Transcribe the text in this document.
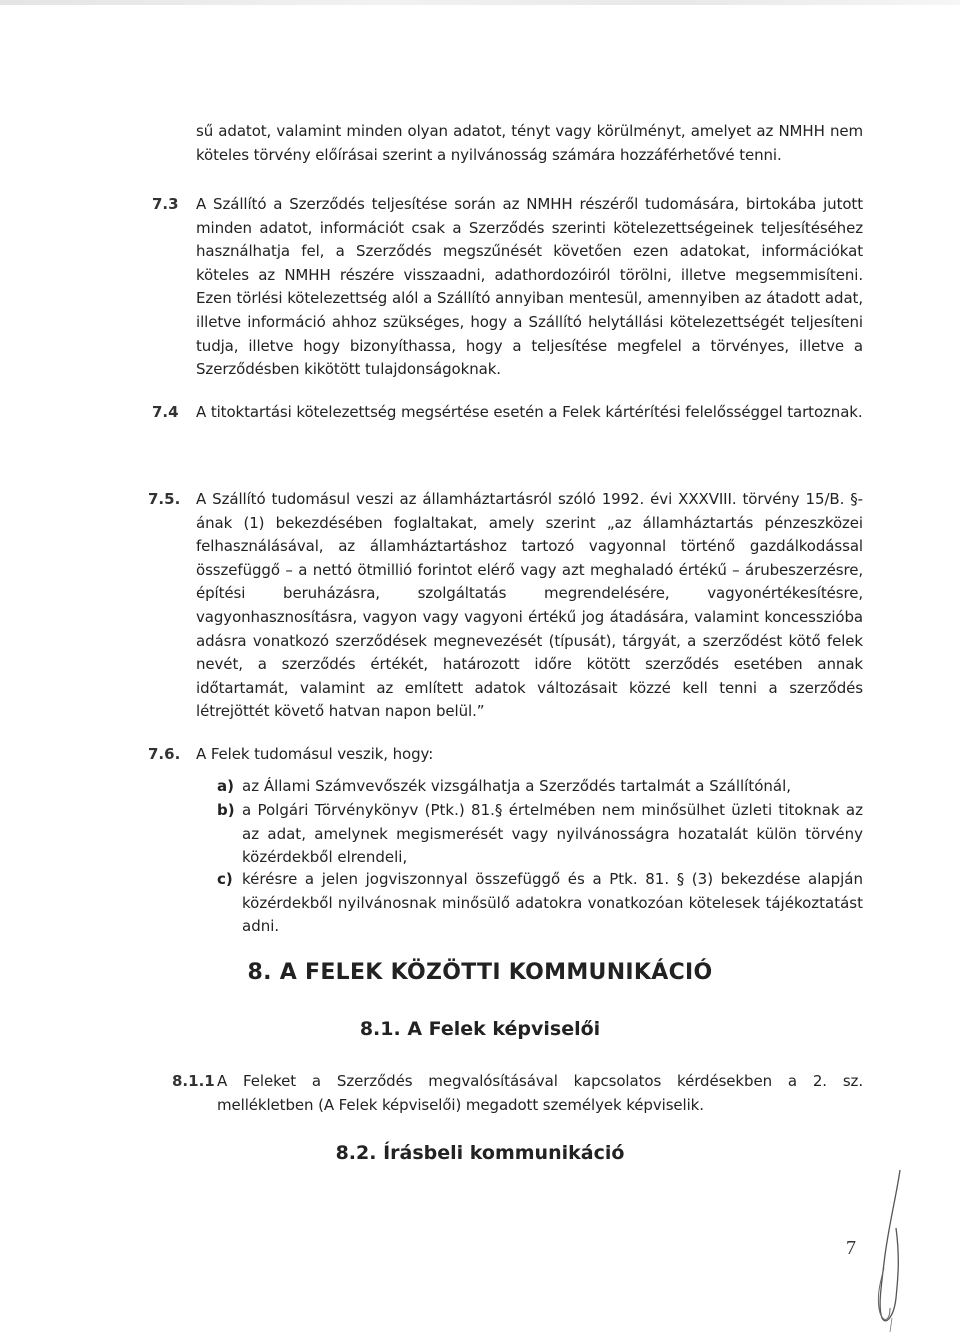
sű adatot, valamint minden olyan adatot, tényt vagy körülményt, amelyet az NMHH nem köteles törvény előírásai szerint a nyilvánosság számára hozzáférhetővé tenni.

7.3 A Szállító a Szerződés teljesítése során az NMHH részéről tudomására, birtokába jutott minden adatot, információt csak a Szerződés szerinti kötelezettségeinek teljesítéséhez használhatja fel, a Szerződés megszűnését követően ezen adatokat, információkat köteles az NMHH részére visszaadni, adathordozóiról törölni, illetve megsemmisíteni. Ezen törlési kötelezettség alól a Szállító annyiban mentesül, amennyiben az átadott adat, illetve információ ahhoz szükséges, hogy a Szállító helytállási kötelezettségét teljesíteni tudja, illetve hogy bizonyíthassa, hogy a teljesítése megfelel a törvényes, illetve a Szerződésben kikötött tulajdonságoknak.

7.4 A titoktartási kötelezettség megsértése esetén a Felek kártérítési felelősséggel tartoznak.

7.5. A Szállító tudomásul veszi az államháztartásról szóló 1992. évi XXXVIII. törvény 15/B. §-ának (1) bekezdésében foglaltakat, amely szerint „az államháztartás pénzeszközei felhasználásával, az államháztartáshoz tartozó vagyonnal történő gazdálkodással összefüggő – a nettó ötmillió forintot elérő vagy azt meghaladó értékű – árubeszerzésre, építési beruházásra, szolgáltatás megrendelésére, vagyonértékesítésre, vagyonhasznosításra, vagyon vagy vagyoni értékű jog átadására, valamint koncesszióba adásra vonatkozó szerződések megnevezését (típusát), tárgyát, a szerződést kötő felek nevét, a szerződés értékét, határozott időre kötött szerződés esetében annak időtartamát, valamint az említett adatok változásait közzé kell tenni a szerződés létrejöttét követő hatvan napon belül.”

7.6. A Felek tudomásul veszik, hogy:

a) az Állami Számvevőszék vizsgálhatja a Szerződés tartalmát a Szállítónál,

b) a Polgári Törvénykönyv (Ptk.) 81.§ értelmében nem minősülhet üzleti titoknak az az adat, amelynek megismerését vagy nyilvánosságra hozatalát külön törvény közérdekből elrendeli,

c) kérésre a jelen jogviszonnyal összefüggő és a Ptk. 81. § (3) bekezdése alapján közérdekből nyilvánosnak minősülő adatokra vonatkozóan kötelesek tájékoztatást adni.

8. A FELEK KÖZÖTTI KOMMUNIKÁCIÓ
8.1. A Felek képviselői
8.1.1 A Feleket a Szerződés megvalósításával kapcsolatos kérdésekben a 2. sz. mellékletben (A Felek képviselői) megadott személyek képviselik.

8.2. Írásbeli kommunikáció
7
